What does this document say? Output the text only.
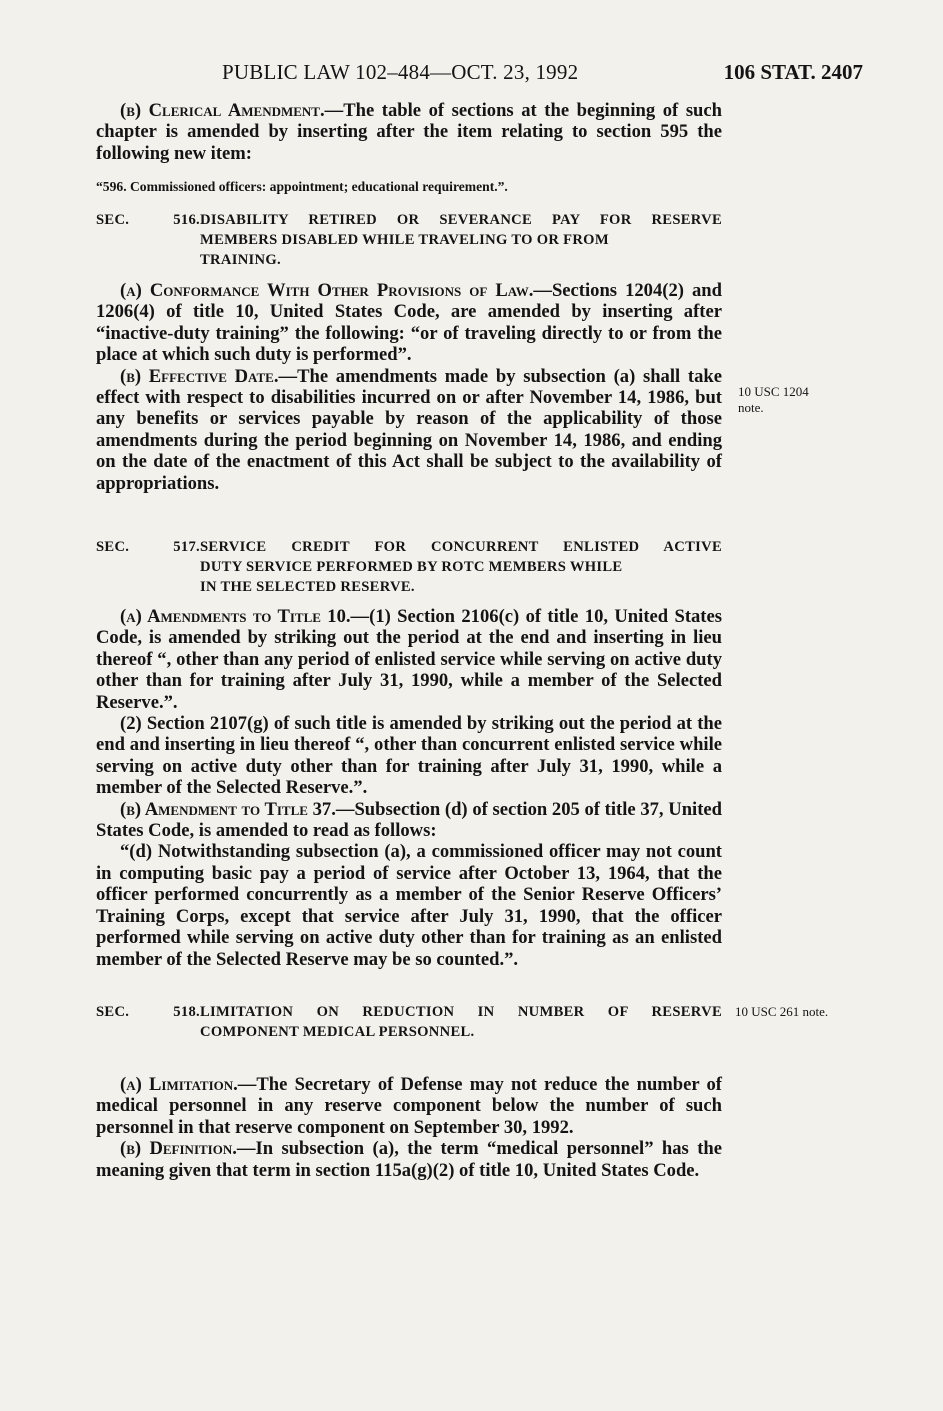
PUBLIC LAW 102–484—OCT. 23, 1992	106 STAT. 2407

(b) Clerical Amendment.—The table of sections at the beginning of such chapter is amended by inserting after the item relating to section 595 the following new item:

“596. Commissioned officers: appointment; educational requirement.”.

SEC. 516.DISABILITY RETIRED OR SEVERANCE PAY FOR RESERVE
MEMBERS DISABLED WHILE TRAVELING TO OR FROM
TRAINING.

(a) Conformance With Other Provisions of Law.—Sections 1204(2) and 1206(4) of title 10, United States Code, are amended by inserting after “inactive-duty training” the following: “or of traveling directly to or from the place at which such duty is performed”.

(b) Effective Date.—The amendments made by subsection (a) shall take effect with respect to disabilities incurred on or after November 14, 1986, but any benefits or services payable by reason of the applicability of those amendments during the period beginning on November 14, 1986, and ending on the date of the enactment of this Act shall be subject to the availability of appropriations.

10 USC 1204
note.

SEC. 517.SERVICE CREDIT FOR CONCURRENT ENLISTED ACTIVE
DUTY SERVICE PERFORMED BY ROTC MEMBERS WHILE
IN THE SELECTED RESERVE.

(a) Amendments to Title 10.—(1) Section 2106(c) of title 10, United States Code, is amended by striking out the period at the end and inserting in lieu thereof “, other than any period of enlisted service while serving on active duty other than for training after July 31, 1990, while a member of the Selected Reserve.”.

(2) Section 2107(g) of such title is amended by striking out the period at the end and inserting in lieu thereof “, other than concurrent enlisted service while serving on active duty other than for training after July 31, 1990, while a member of the Selected Reserve.”.

(b) Amendment to Title 37.—Subsection (d) of section 205 of title 37, United States Code, is amended to read as follows:

“(d) Notwithstanding subsection (a), a commissioned officer may not count in computing basic pay a period of service after October 13, 1964, that the officer performed concurrently as a member of the Senior Reserve Officers’ Training Corps, except that service after July 31, 1990, that the officer performed while serving on active duty other than for training as an enlisted member of the Selected Reserve may be so counted.”.

SEC. 518.LIMITATION ON REDUCTION IN NUMBER OF RESERVE
COMPONENT MEDICAL PERSONNEL.

10 USC 261 note.

(a) Limitation.—The Secretary of Defense may not reduce the number of medical personnel in any reserve component below the number of such personnel in that reserve component on September 30, 1992.

(b) Definition.—In subsection (a), the term “medical personnel” has the meaning given that term in section 115a(g)(2) of title 10, United States Code.
